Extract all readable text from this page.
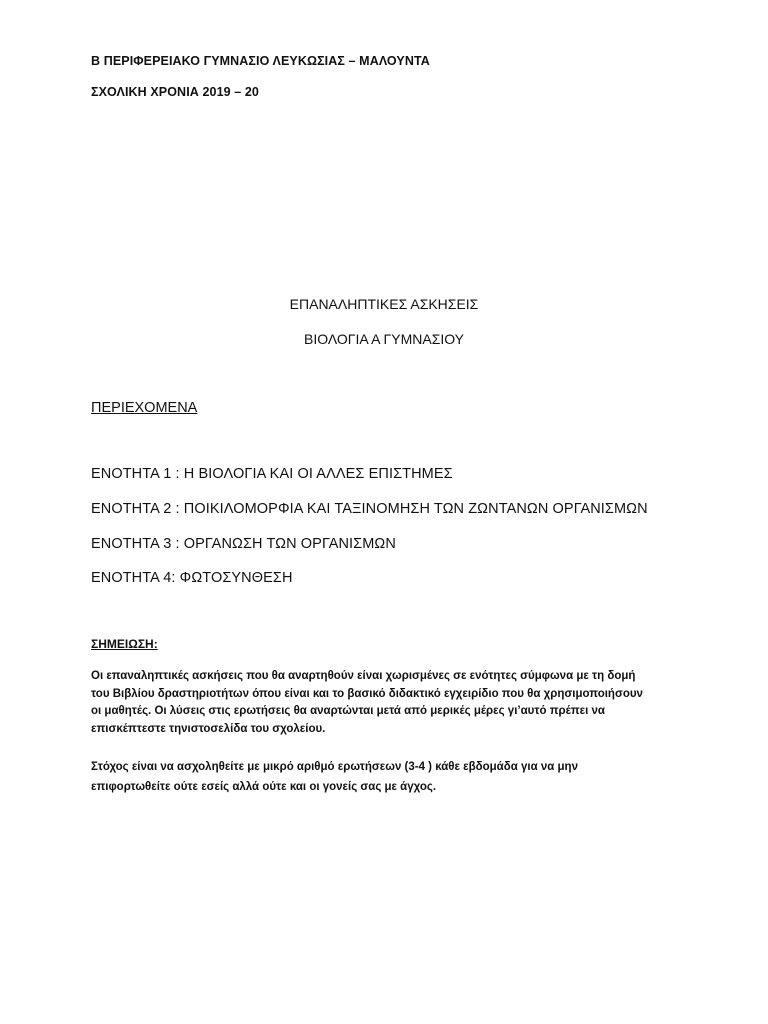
Β ΠΕΡΙΦΕΡΕΙΑΚΟ ΓΥΜΝΑΣΙΟ ΛΕΥΚΩΣΙΑΣ – ΜΑΛΟΥΝΤΑ
ΣΧΟΛΙΚΗ ΧΡΟΝΙΑ 2019 – 20
ΕΠΑΝΑΛΗΠΤΙΚΕΣ ΑΣΚΗΣΕΙΣ
ΒΙΟΛΟΓΙΑ Α ΓΥΜΝΑΣΙΟΥ
ΠΕΡΙΕΧΟΜΕΝΑ
ΕΝΟΤΗΤΑ 1 : Η ΒΙΟΛΟΓΙΑ ΚΑΙ ΟΙ ΑΛΛΕΣ ΕΠΙΣΤΗΜΕΣ
ΕΝΟΤΗΤΑ 2 : ΠΟΙΚΙΛΟΜΟΡΦΙΑ ΚΑΙ ΤΑΞΙΝΟΜΗΣΗ ΤΩΝ ΖΩΝΤΑΝΩΝ ΟΡΓΑΝΙΣΜΩΝ
ΕΝΟΤΗΤΑ 3 : ΟΡΓΑΝΩΣΗ ΤΩΝ ΟΡΓΑΝΙΣΜΩΝ
ΕΝΟΤΗΤΑ 4: ΦΩΤΟΣΥΝΘΕΣΗ
ΣΗΜΕΙΩΣΗ:
Οι επαναληπτικές ασκήσεις που θα αναρτηθούν είναι χωρισμένες σε ενότητες σύμφωνα με τη δομή
του Βιβλίου δραστηριοτήτων όπου είναι και το βασικό διδακτικό εγχειρίδιο που θα χρησιμοποιήσουν
οι μαθητές. Οι λύσεις στις ερωτήσεις θα αναρτώνται μετά από μερικές μέρες γι’αυτό πρέπει να
επισκέπτεστε τηνιστοσελίδα του σχολείου.
Στόχος είναι να ασχοληθείτε με μικρό αριθμό ερωτήσεων (3-4 ) κάθε εβδομάδα για να μην
επιφορτωθείτε ούτε εσείς αλλά ούτε και οι γονείς σας με άγχος.
